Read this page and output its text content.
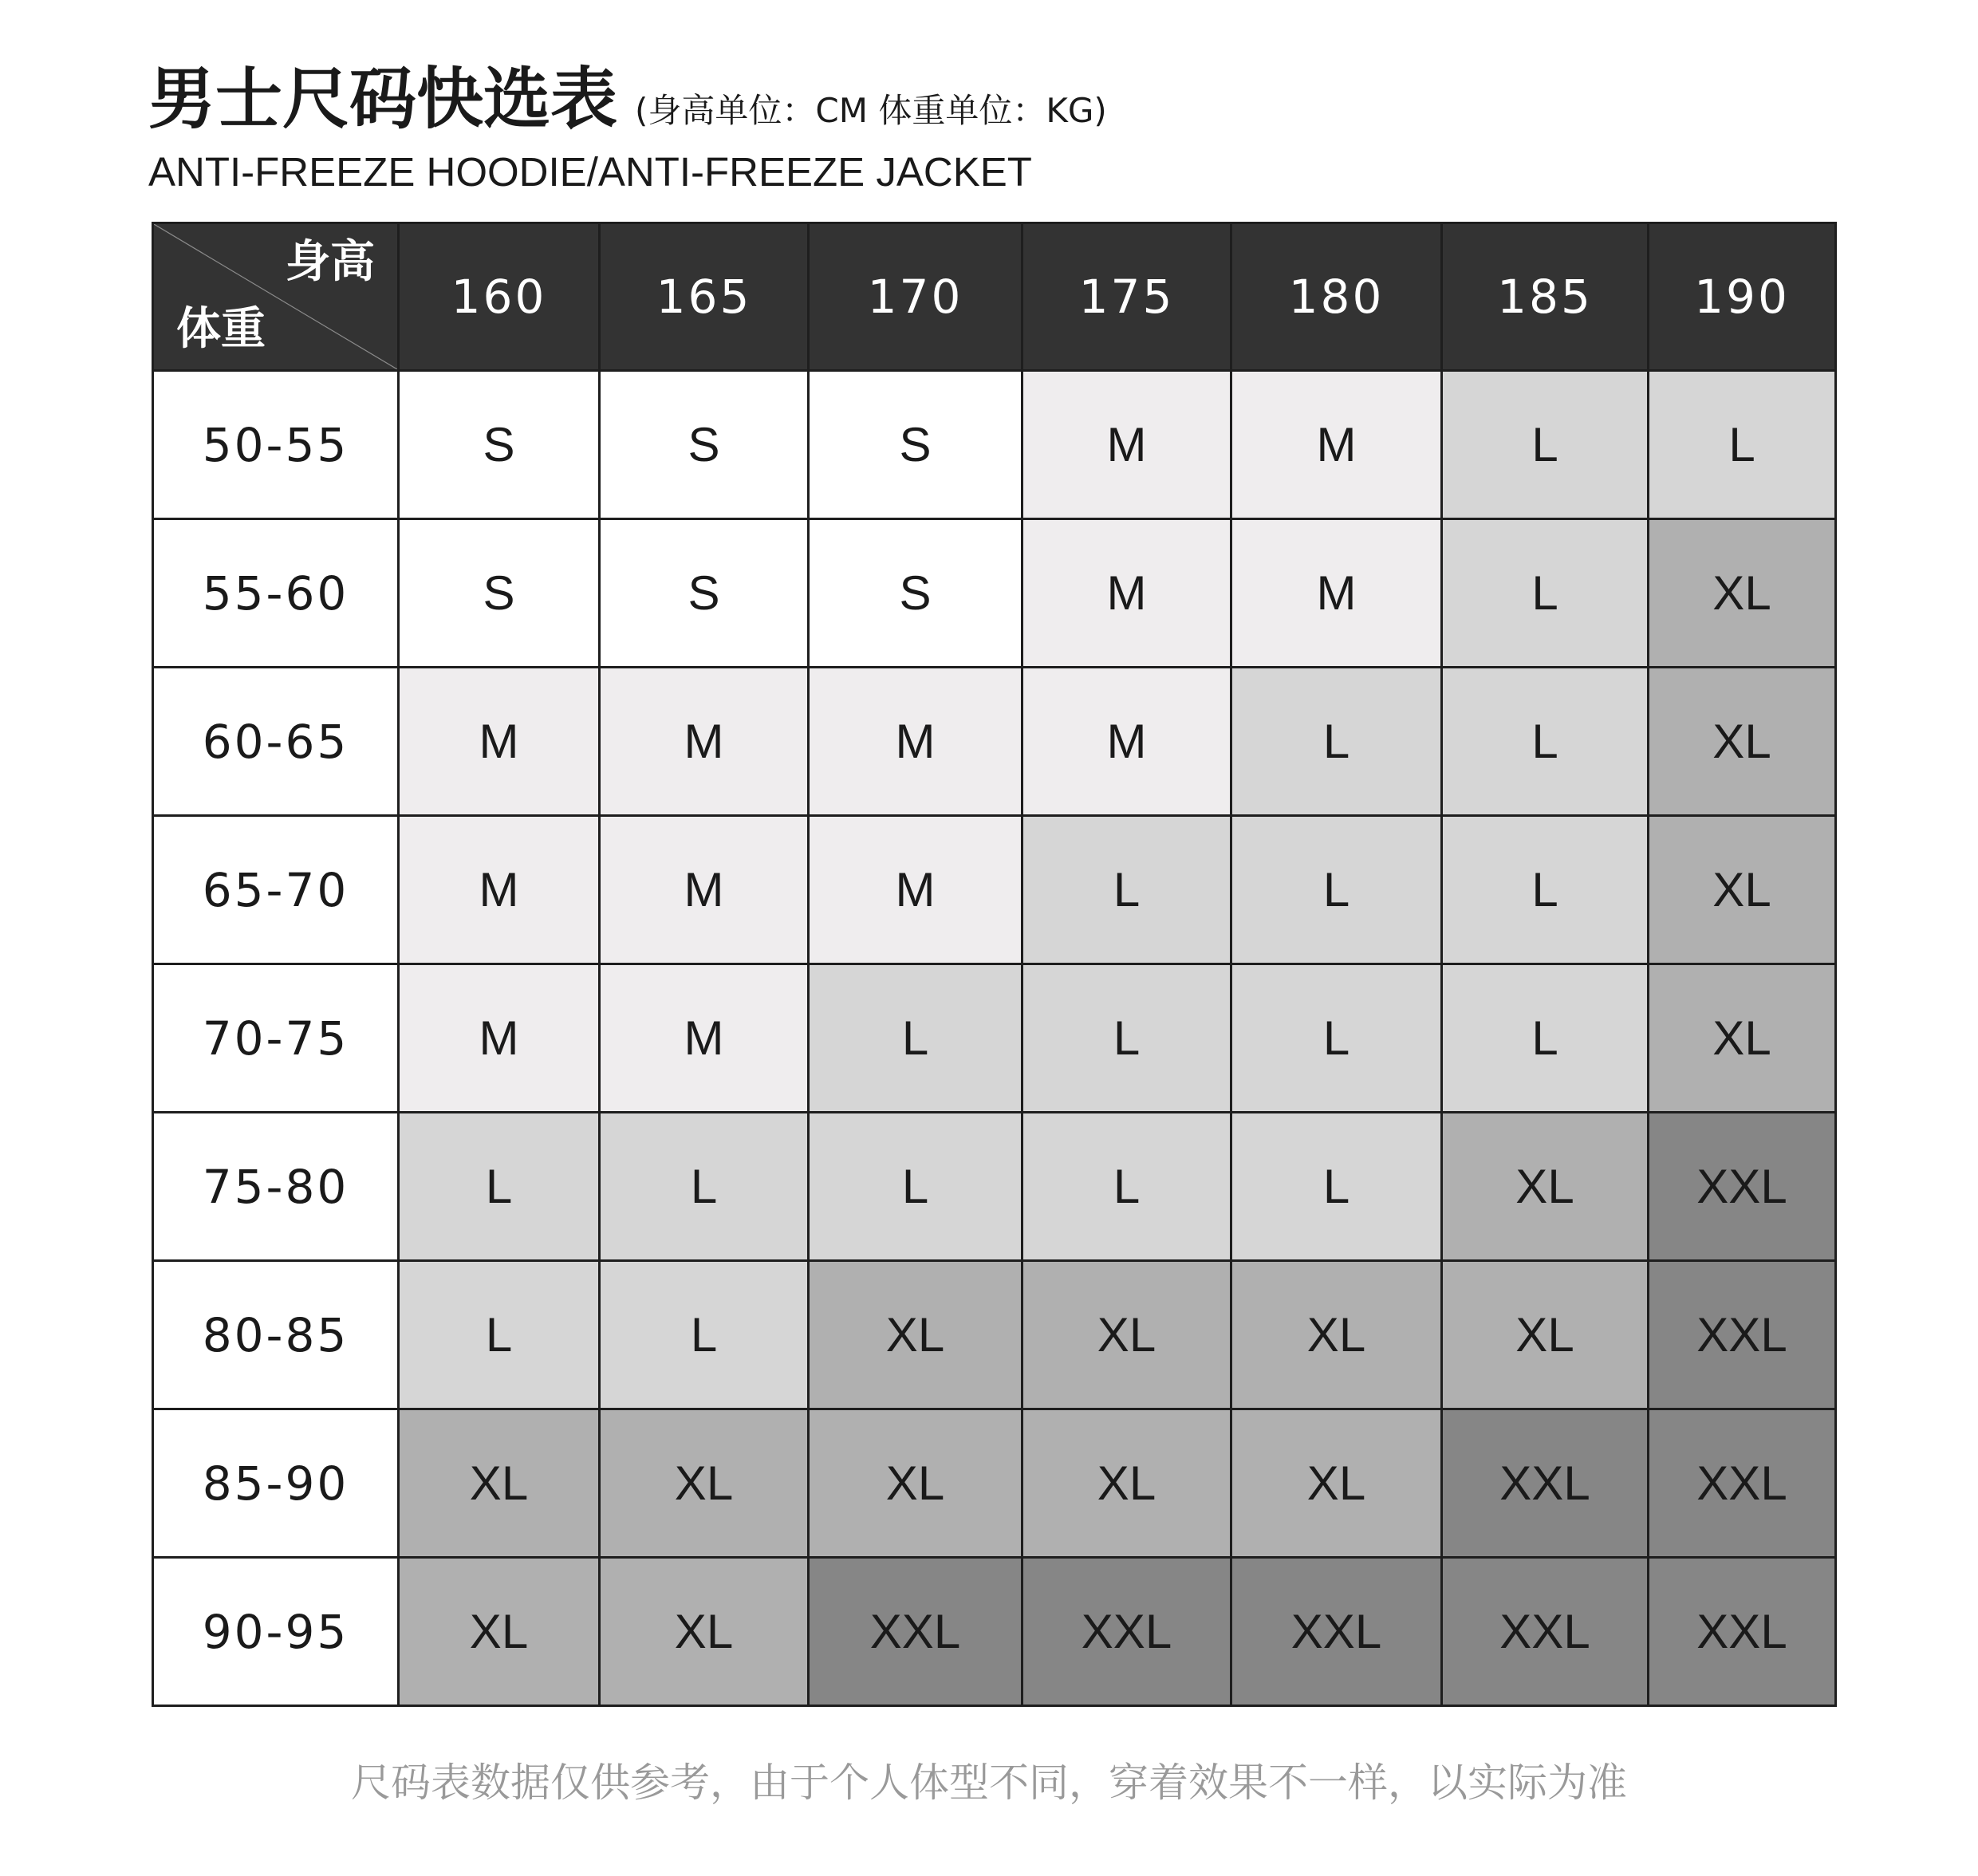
男士尺码快选表 (身高单位：CM 体重单位：KG)
ANTI-FREEZE HOODIE/ANTI-FREEZE JACKET
身高
体重	160	165	170	175	180	185	190
50-55	S	S	S	M	M	L	L
55-60	S	S	S	M	M	L	XL
60-65	M	M	M	M	L	L	XL
65-70	M	M	M	L	L	L	XL
70-75	M	M	L	L	L	L	XL
75-80	L	L	L	L	L	XL	XXL
80-85	L	L	XL	XL	XL	XL	XXL
85-90	XL	XL	XL	XL	XL	XXL	XXL
90-95	XL	XL	XXL	XXL	XXL	XXL	XXL
尺码表数据仅供参考，由于个人体型不同，穿着效果不一样，以实际为准
